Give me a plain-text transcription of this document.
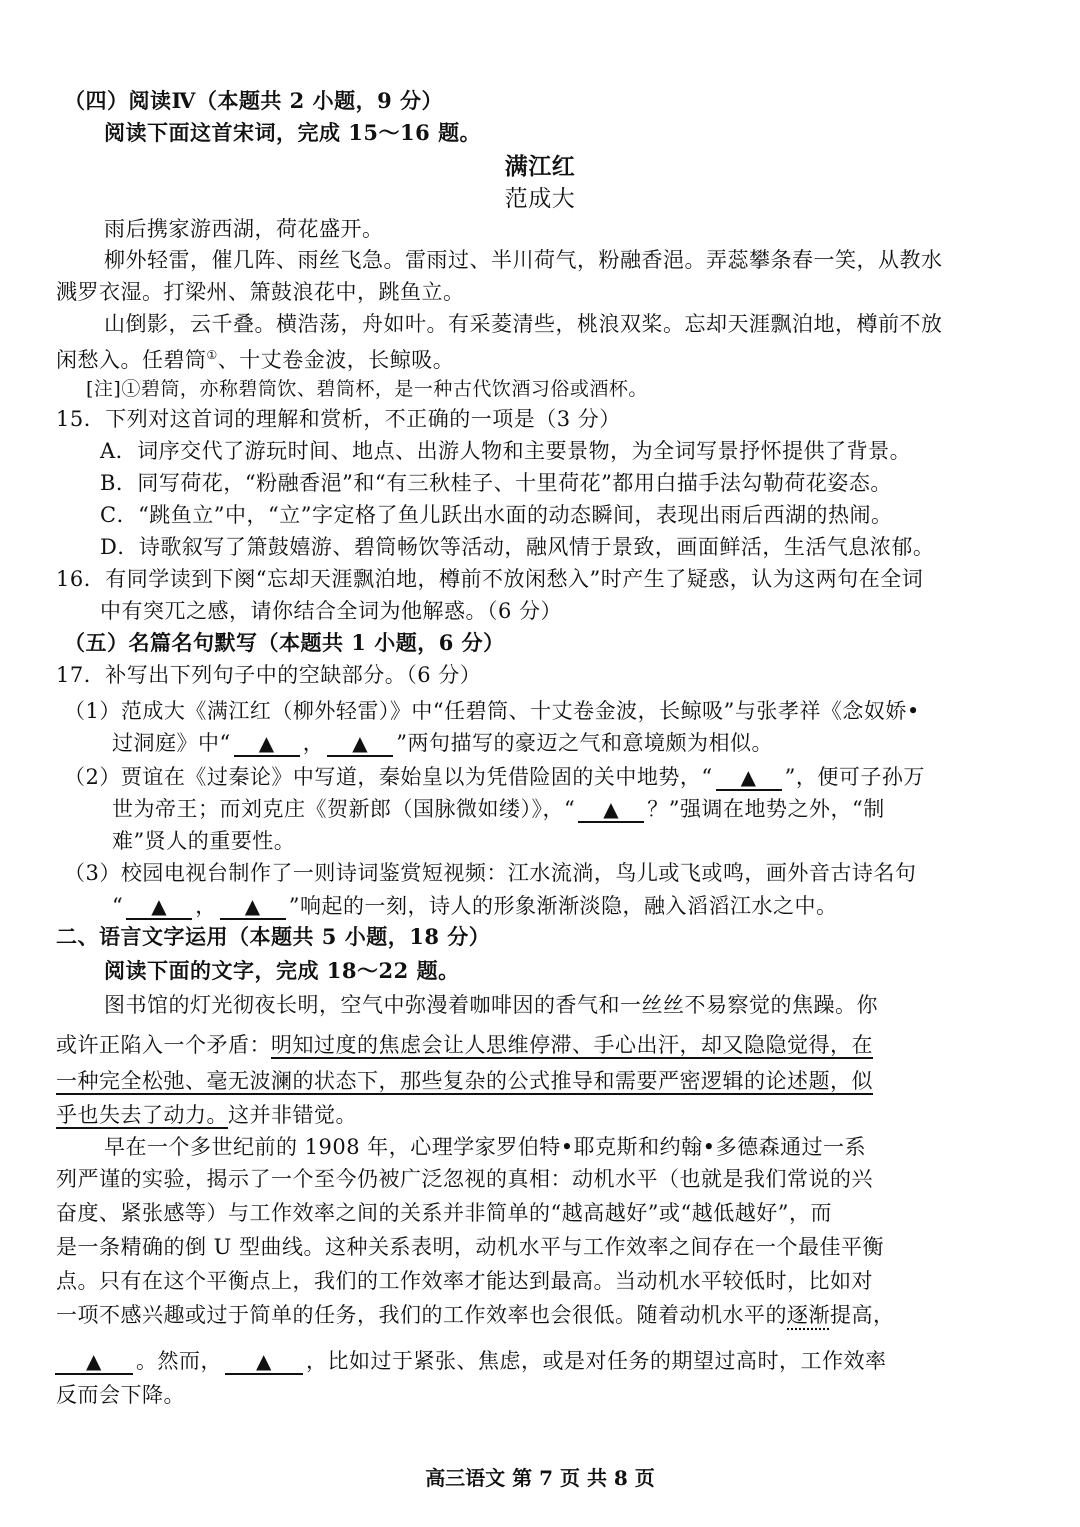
（四）阅读Ⅳ（本题共 2 小题，9 分）
阅读下面这首宋词，完成 15～16 题。
满江红
范成大
雨后携家游西湖，荷花盛开。
柳外轻雷，催几阵、雨丝飞急。雷雨过、半川荷气，粉融香浥。弄蕊攀条春一笑，从教水
溅罗衣湿。打梁州、箫鼓浪花中，跳鱼立。
山倒影，云千叠。横浩荡，舟如叶。有采菱清些，桃浪双桨。忘却天涯飘泊地，樽前不放
闲愁入。任碧筒①、十丈卷金波，长鲸吸。
[注]①碧筒，亦称碧筒饮、碧筒杯，是一种古代饮酒习俗或酒杯。
15．下列对这首词的理解和赏析，不正确的一项是（3 分）
A．词序交代了游玩时间、地点、出游人物和主要景物，为全词写景抒怀提供了背景。
B．同写荷花，“粉融香浥”和“有三秋桂子、十里荷花”都用白描手法勾勒荷花姿态。
C．“跳鱼立”中，“立”字定格了鱼儿跃出水面的动态瞬间，表现出雨后西湖的热闹。
D．诗歌叙写了箫鼓嬉游、碧筒畅饮等活动，融风情于景致，画面鲜活，生活气息浓郁。
16．有同学读到下阕“忘却天涯飘泊地，樽前不放闲愁入”时产生了疑惑，认为这两句在全词
中有突兀之感，请你结合全词为他解惑。（6 分）
（五）名篇名句默写（本题共 1 小题，6 分）
17．补写出下列句子中的空缺部分。（6 分）
（1）范成大《满江红（柳外轻雷）》中“任碧筒、十丈卷金波，长鲸吸”与张孝祥《念奴娇•
过洞庭》中“ ▲	， ▲	”两句描写的豪迈之气和意境颇为相似。
（2）贾谊在《过秦论》中写道，秦始皇以为凭借险固的关中地势，“ ▲	”，便可子孙万
世为帝王；而刘克庄《贺新郎（国脉微如缕）》，“ ▲	？”强调在地势之外，“制
难”贤人的重要性。
（3）校园电视台制作了一则诗词鉴赏短视频：江水流淌，鸟儿或飞或鸣，画外音古诗名句
“ ▲	， ▲	”响起的一刻，诗人的形象渐渐淡隐，融入滔滔江水之中。
二、语言文字运用（本题共 5 小题，18 分）
阅读下面的文字，完成 18～22 题。
图书馆的灯光彻夜长明，空气中弥漫着咖啡因的香气和一丝丝不易察觉的焦躁。你
或许正陷入一个矛盾：明知过度的焦虑会让人思维停滞、手心出汗，却又隐隐觉得，在
一种完全松弛、毫无波澜的状态下，那些复杂的公式推导和需要严密逻辑的论述题，似
乎也失去了动力。这并非错觉。
早在一个多世纪前的 1908 年，心理学家罗伯特•耶克斯和约翰•多德森通过一系
列严谨的实验，揭示了一个至今仍被广泛忽视的真相：动机水平（也就是我们常说的兴
奋度、紧张感等）与工作效率之间的关系并非简单的“越高越好”或“越低越好”，而
是一条精确的倒 U 型曲线。这种关系表明，动机水平与工作效率之间存在一个最佳平衡
点。只有在这个平衡点上，我们的工作效率才能达到最高。当动机水平较低时，比如对
一项不感兴趣或过于简单的任务，我们的工作效率也会很低。随着动机水平的逐渐提高，
▲。然而， ▲	，比如过于紧张、焦虑，或是对任务的期望过高时，工作效率
反而会下降。
高三语文 第 7 页 共 8 页
